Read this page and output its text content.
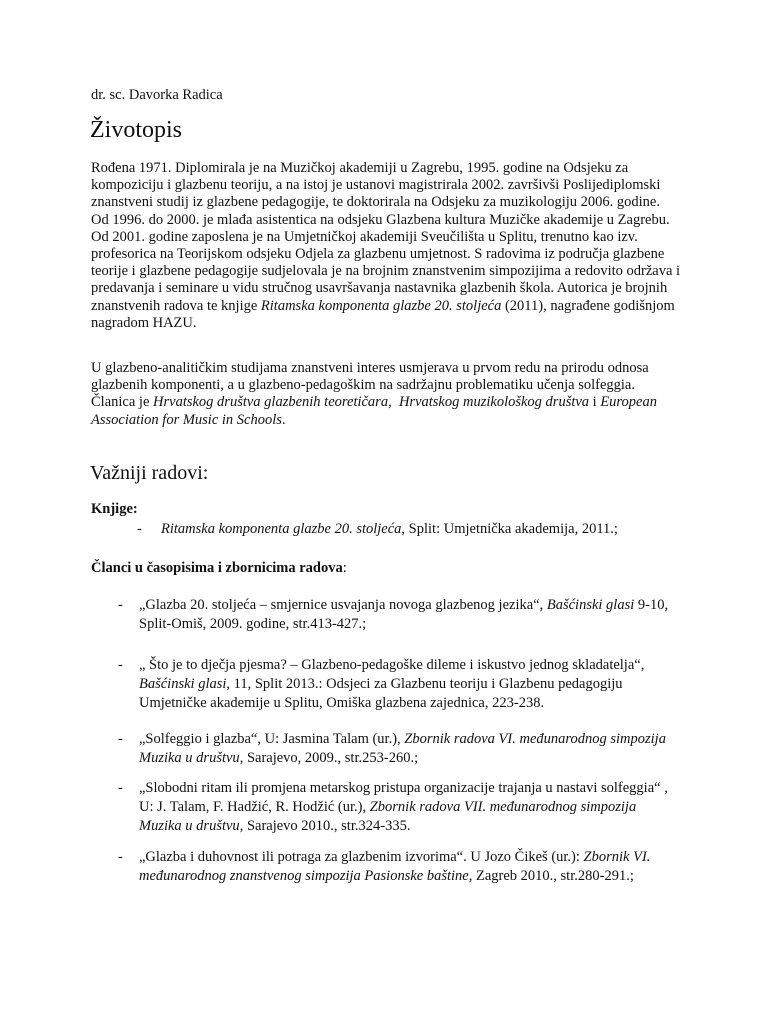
dr. sc. Davorka Radica
Životopis

Rođena 1971. Diplomirala je na Muzičkoj akademiji u Zagrebu, 1995. godine na Odsjeku za kompoziciju i glazbenu teoriju, a na istoj je ustanovi magistrirala 2002. završivši Poslijediplomski znanstveni studij iz glazbene pedagogije, te doktorirala na Odsjeku za muzikologiju 2006. godine. Od 1996. do 2000. je mlađa asistentica na odsjeku Glazbena kultura Muzičke akademije u Zagrebu. Od 2001. godine zaposlena je na Umjetničkoj akademiji Sveučilišta u Splitu, trenutno kao izv. profesorica na Teorijskom odsjeku Odjela za glazbenu umjetnost. S radovima iz područja glazbene teorije i glazbene pedagogije sudjelovala je na brojnim znanstvenim simpozijima a redovito održava i predavanja i seminare u vidu stručnog usavršavanja nastavnika glazbenih škola. Autorica je brojnih znanstvenih radova te knjige Ritamska komponenta glazbe 20. stoljeća (2011), nagrađene godišnjom nagradom HAZU.

U glazbeno-analitičkim studijama znanstveni interes usmjerava u prvom redu na prirodu odnosa glazbenih komponenti, a u glazbeno-pedagoškim na sadržajnu problematiku učenja solfeggia. Članica je Hrvatskog društva glazbenih teoretičara, Hrvatskog muzikološkog društva i European Association for Music in Schools.

Važniji radovi:

Knjige:

- Ritamska komponenta glazbe 20. stoljeća, Split: Umjetnička akademija, 2011.;

Članci u časopisima i zbornicima radova:

- „Glazba 20. stoljeća – smjernice usvajanja novoga glazbenog jezika“, Bašćinski glasi 9-10, Split-Omiš, 2009. godine, str.413-427.;

- „ Što je to dječja pjesma? – Glazbeno-pedagoške dileme i iskustvo jednog skladatelja“, Bašćinski glasi, 11, Split 2013.: Odsjeci za Glazbenu teoriju i Glazbenu pedagogiju Umjetničke akademije u Splitu, Omiška glazbena zajednica, 223-238.

- „Solfeggio i glazba“, U: Jasmina Talam (ur.), Zbornik radova VI. međunarodnog simpozija Muzika u društvu, Sarajevo, 2009., str.253-260.;

- „Slobodni ritam ili promjena metarskog pristupa organizacije trajanja u nastavi solfeggia“ , U: J. Talam, F. Hadžić, R. Hodžić (ur.), Zbornik radova VII. međunarodnog simpozija Muzika u društvu, Sarajevo 2010., str.324-335.

- „Glazba i duhovnost ili potraga za glazbenim izvorima“. U Jozo Čikeš (ur.): Zbornik VI. međunarodnog znanstvenog simpozija Pasionske baštine, Zagreb 2010., str.280-291.;
